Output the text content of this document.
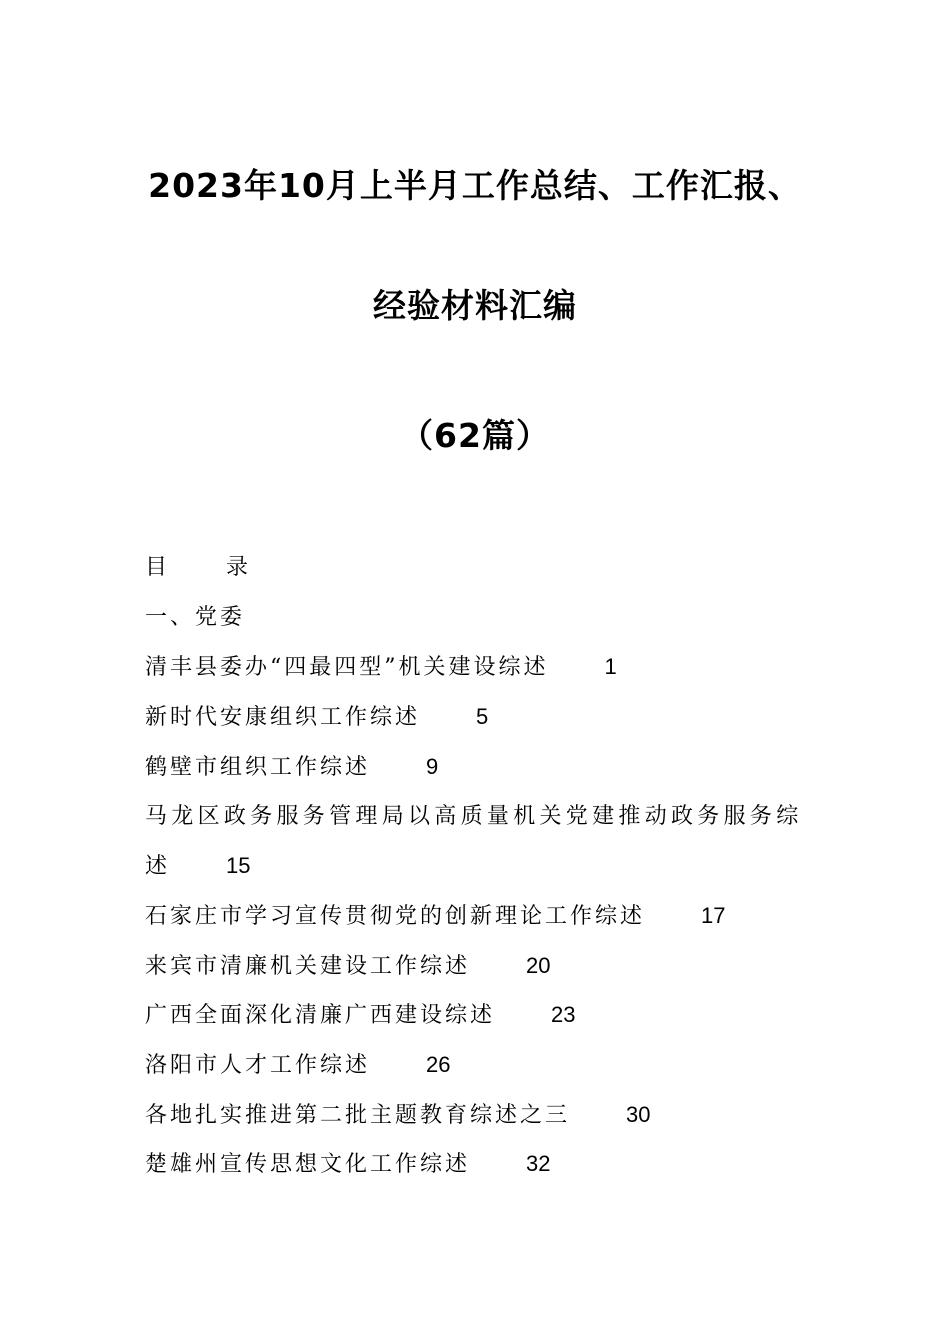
2023年10月上半月工作总结、工作汇报、
经验材料汇编
（62篇）
目	录
一、党委
清丰县委办“四最四型”机关建设综述	1
新时代安康组织工作综述	5
鹤壁市组织工作综述	9
马龙区政务服务管理局以高质量机关党建推动政务服务综
述	15
石家庄市学习宣传贯彻党的创新理论工作综述	17
来宾市清廉机关建设工作综述	20
广西全面深化清廉广西建设综述	23
洛阳市人才工作综述	26
各地扎实推进第二批主题教育综述之三	30
楚雄州宣传思想文化工作综述	32
